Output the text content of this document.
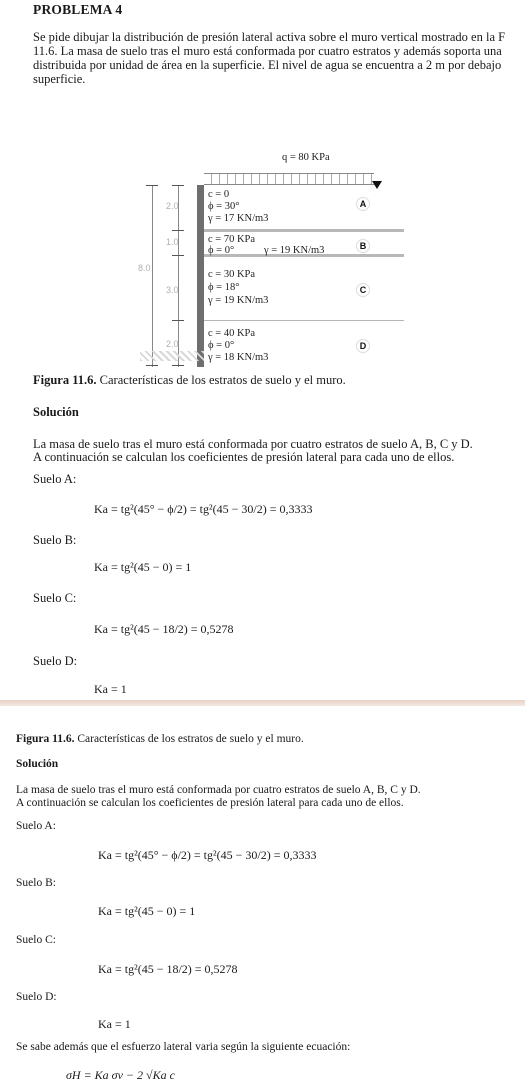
PROBLEMA 4
Se pide dibujar la distribución de presión lateral activa sobre el muro vertical mostrado en la F
11.6. La masa de suelo tras el muro está conformada por cuatro estratos y además soporta una
distribuida por unidad de área en la superficie. El nivel de agua se encuentra a 2 m por debajo
superficie.
q = 80 KPa
8.0
2.0
c = 0
ϕ = 30°
γ = 17 KN/m3
A
1.0	c = 70 KPa
ϕ = 0°	γ = 19 KN/m3	B
3.0
c = 30 KPa
ϕ = 18°
γ = 19 KN/m3
C
2.0
c = 40 KPa
ϕ = 0°
γ = 18 KN/m3
D
Figura 11.6. Características de los estratos de suelo y el muro.
Solución
La masa de suelo tras el muro está conformada por cuatro estratos de suelo A, B, C y D.
A continuación se calculan los coeficientes de presión lateral para cada uno de ellos.
Suelo A:
Ka = tg²(45° − ϕ/2) = tg²(45 − 30/2) = 0,3333
Suelo B:
Ka = tg²(45 − 0) = 1
Suelo C:
Ka = tg²(45 − 18/2) = 0,5278
Suelo D:
Ka = 1
Figura 11.6. Características de los estratos de suelo y el muro.
Solución
La masa de suelo tras el muro está conformada por cuatro estratos de suelo A, B, C y D.
A continuación se calculan los coeficientes de presión lateral para cada uno de ellos.
Suelo A:
Ka = tg²(45° − ϕ/2) = tg²(45 − 30/2) = 0,3333
Suelo B:
Ka = tg²(45 − 0) = 1
Suelo C:
Ka = tg²(45 − 18/2) = 0,5278
Suelo D:
Ka = 1
Se sabe además que el esfuerzo lateral varia según la siguiente ecuación:
σH = Ka σv − 2 √Ka c
